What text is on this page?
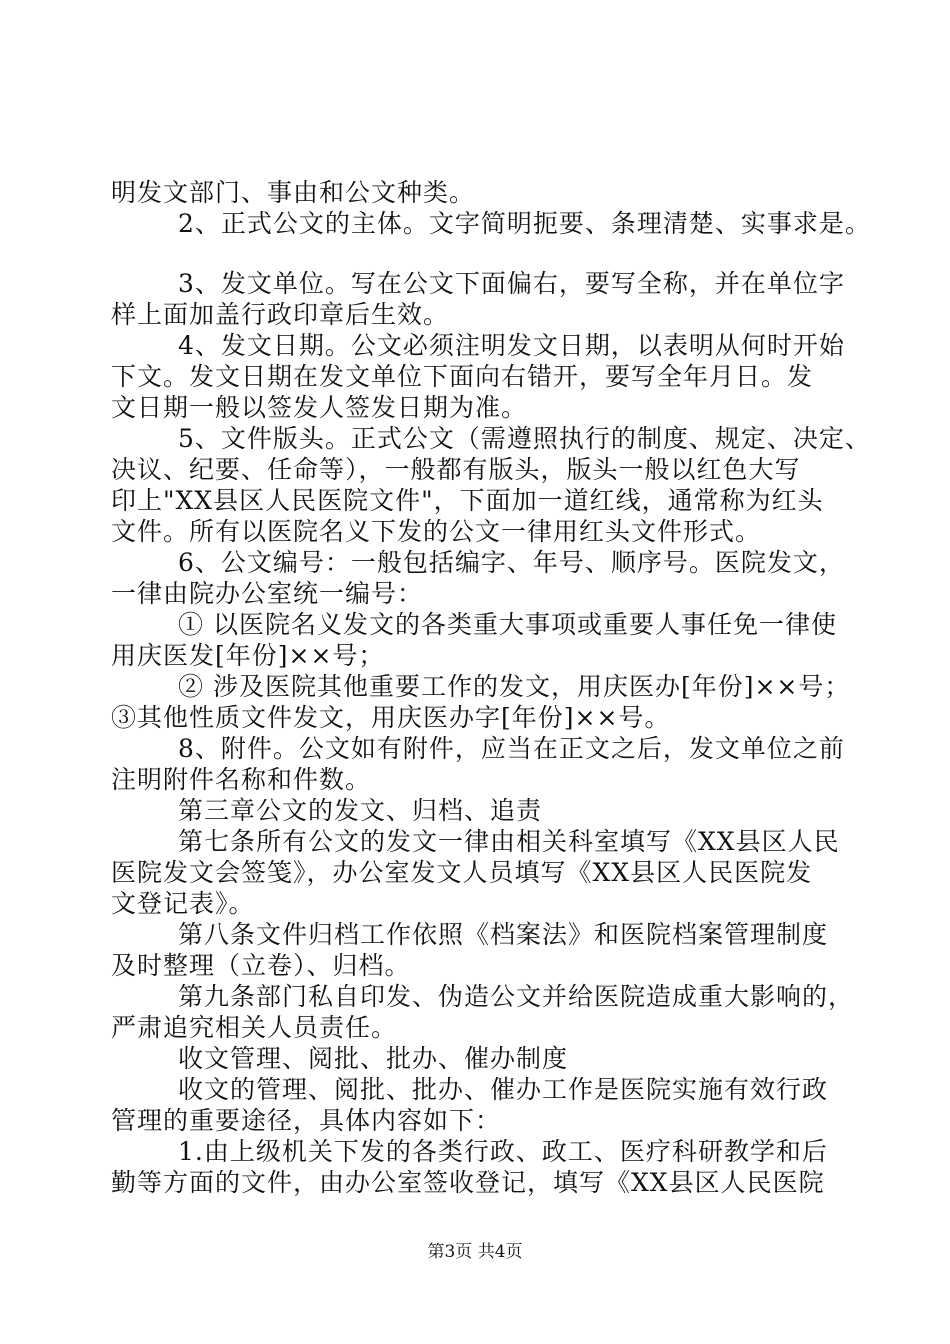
明发文部门、事由和公文种类。
2、正式公文的主体。文字简明扼要、条理清楚、实事求是。
3、发文单位。写在公文下面偏右，要写全称，并在单位字
样上面加盖行政印章后生效。
4、发文日期。公文必须注明发文日期，以表明从何时开始
下文。发文日期在发文单位下面向右错开，要写全年月日。发
文日期一般以签发人签发日期为准。
5、文件版头。正式公文（需遵照执行的制度、规定、决定、
决议、纪要、任命等），一般都有版头，版头一般以红色大写
印上"XX县区人民医院文件"，下面加一道红线，通常称为红头
文件。所有以医院名义下发的公文一律用红头文件形式。
6、公文编号：一般包括编字、年号、顺序号。医院发文，
一律由院办公室统一编号：
① 以医院名义发文的各类重大事项或重要人事任免一律使
用庆医发[年份]××号；
② 涉及医院其他重要工作的发文，用庆医办[年份]××号；
③其他性质文件发文，用庆医办字[年份]××号。
8、附件。公文如有附件，应当在正文之后，发文单位之前
注明附件名称和件数。
第三章公文的发文、归档、追责
第七条所有公文的发文一律由相关科室填写《XX县区人民
医院发文会签笺》，办公室发文人员填写《XX县区人民医院发
文登记表》。
第八条文件归档工作依照《档案法》和医院档案管理制度
及时整理（立卷）、归档。
第九条部门私自印发、伪造公文并给医院造成重大影响的，
严肃追究相关人员责任。
收文管理、阅批、批办、催办制度
收文的管理、阅批、批办、催办工作是医院实施有效行政
管理的重要途径，具体内容如下：
1.由上级机关下发的各类行政、政工、医疗科研教学和后
勤等方面的文件，由办公室签收登记，填写《XX县区人民医院
第3页 共4页
